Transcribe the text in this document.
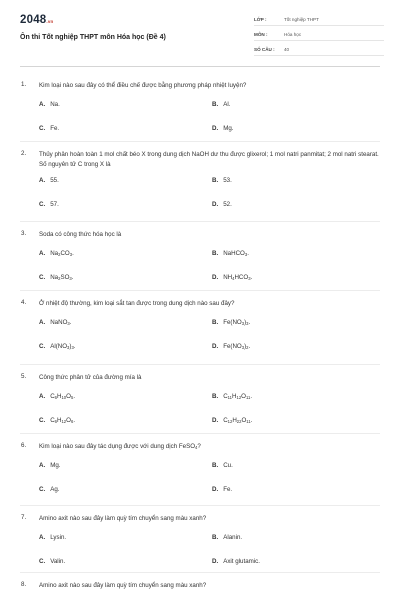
2048.vn
Ôn thi Tốt nghiệp THPT môn Hóa học (Đề 4)
LỚP :	Tốt nghiệp THPT
MÔN :	Hóa học
SỐ CÂU : 40
1. Kim loại nào sau đây có thể điều chế được bằng phương pháp nhiệt luyện?
A. Na.	B. Al.
C. Fe.	D. Mg.
2. Thủy phân hoàn toàn 1 mol chất béo X trong dung dịch NaOH dư thu được glixerol; 1 mol natri panmitat; 2 mol natri stearat. Số nguyên tử C trong X là
A. 55.	B. 53.
C. 57.	D. 52.
3. Soda có công thức hóa học là
A. $Na_2CO_3$.	B. NaHCO$_3$.
C. $Na_2SO_3$.	D. $NH_4HCO_3$.
4. Ở nhiệt độ thường, kim loại sắt tan được trong dung dịch nào sau đây?
A. NaNO$_3$.	B. $Fe(NO_3)_3$.
C. $Al(NO_3)_3$.	D. $Fe(NO_3)_2$.
5. Công thức phân tử của đường mía là
A. $C_6H_{10}O_5$.	B. $C_{11}H_{12}O_{11}$.
C. $C_6H_{12}O_6$.	D. $C_{12}H_{22}O_{11}$.
6. Kim loại nào sau đây tác dụng được với dung dịch FeSO$_4$?
A. Mg.	B. Cu.
C. Ag.	D. Fe.
7. Amino axit nào sau đây làm quỳ tím chuyển sang màu xanh?
A. Lysin.	B. Alanin.
C. Valin.	D. Axit glutamic.
8. Amino axit nào sau đây làm quỳ tím chuyển sang màu xanh?
